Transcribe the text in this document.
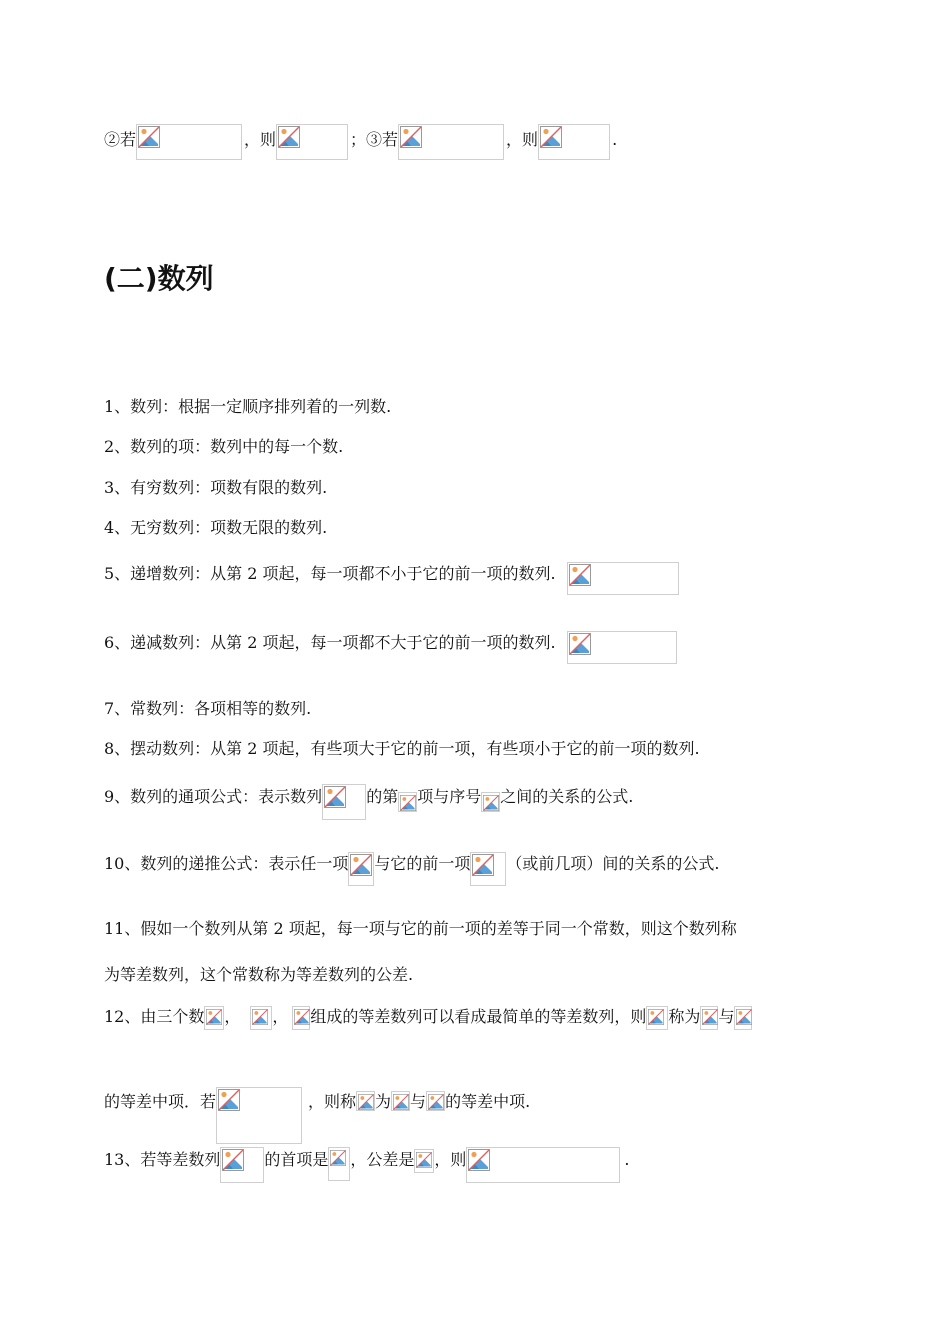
②若	，则	；③若	，则	.
(二)数列
1、数列：根据一定顺序排列着的一列数.
2、数列的项：数列中的每一个数.
3、有穷数列：项数有限的数列.
4、无穷数列：项数无限的数列.
5、递增数列：从第 2 项起，每一项都不小于它的前一项的数列.
6、递减数列：从第 2 项起，每一项都不大于它的前一项的数列.
7、常数列：各项相等的数列.
8、摆动数列：从第 2 项起，有些项大于它的前一项，有些项小于它的前一项的数列.
9、数列的通项公式：表示数列	的第 项与序号 之间的关系的公式.
10、数列的递推公式：表示任一项 与它的前一项 （或前几项）间的关系的公式.
11、假如一个数列从第 2 项起，每一项与它的前一项的差等于同一个常数，则这个数列称
为等差数列，这个常数称为等差数列的公差.
12、由三个数 ， ， 组成的等差数列可以看成最简单的等差数列，则 称为 与
的等差中项．若	，则称 为 与 的等差中项.
13、若等差数列	的首项是 ，公差是 ，则	.
